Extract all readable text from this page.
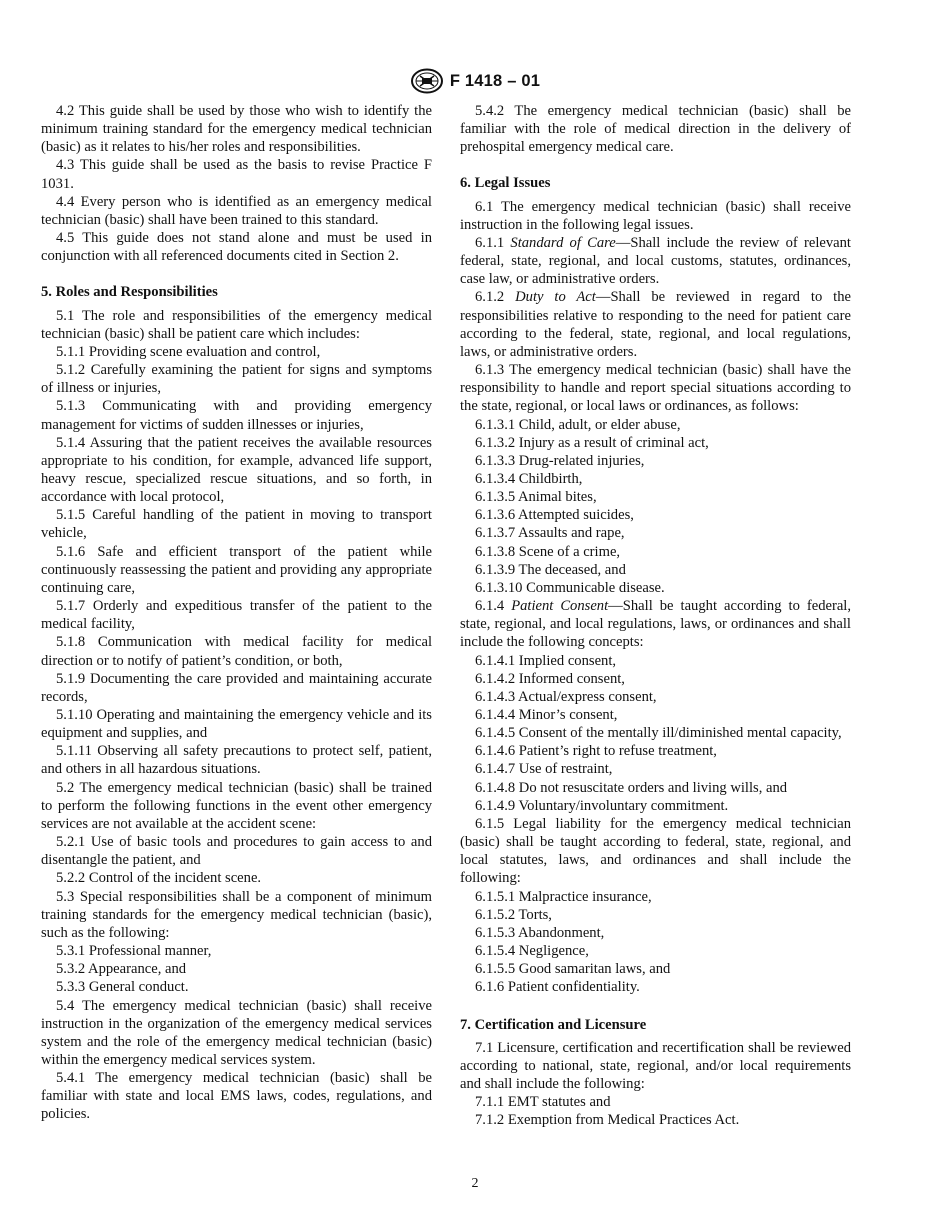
F 1418 – 01

4.2 This guide shall be used by those who wish to identify the minimum training standard for the emergency medical technician (basic) as it relates to his/her roles and responsibilities.

4.3 This guide shall be used as the basis to revise Practice F 1031.

4.4 Every person who is identified as an emergency medical technician (basic) shall have been trained to this standard.

4.5 This guide does not stand alone and must be used in conjunction with all referenced documents cited in Section 2.

5. Roles and Responsibilities

5.1 The role and responsibilities of the emergency medical technician (basic) shall be patient care which includes:

5.1.1 Providing scene evaluation and control,

5.1.2 Carefully examining the patient for signs and symptoms of illness or injuries,

5.1.3 Communicating with and providing emergency management for victims of sudden illnesses or injuries,

5.1.4 Assuring that the patient receives the available resources appropriate to his condition, for example, advanced life support, heavy rescue, specialized rescue situations, and so forth, in accordance with local protocol,

5.1.5 Careful handling of the patient in moving to transport vehicle,

5.1.6 Safe and efficient transport of the patient while continuously reassessing the patient and providing any appropriate continuing care,

5.1.7 Orderly and expeditious transfer of the patient to the medical facility,

5.1.8 Communication with medical facility for medical direction or to notify of patient’s condition, or both,

5.1.9 Documenting the care provided and maintaining accurate records,

5.1.10 Operating and maintaining the emergency vehicle and its equipment and supplies, and

5.1.11 Observing all safety precautions to protect self, patient, and others in all hazardous situations.

5.2 The emergency medical technician (basic) shall be trained to perform the following functions in the event other emergency services are not available at the accident scene:

5.2.1 Use of basic tools and procedures to gain access to and disentangle the patient, and

5.2.2 Control of the incident scene.

5.3 Special responsibilities shall be a component of minimum training standards for the emergency medical technician (basic), such as the following:

5.3.1 Professional manner,

5.3.2 Appearance, and

5.3.3 General conduct.

5.4 The emergency medical technician (basic) shall receive instruction in the organization of the emergency medical services system and the role of the emergency medical technician (basic) within the emergency medical services system.

5.4.1 The emergency medical technician (basic) shall be familiar with state and local EMS laws, codes, regulations, and policies.

5.4.2 The emergency medical technician (basic) shall be familiar with the role of medical direction in the delivery of prehospital emergency medical care.

6. Legal Issues

6.1 The emergency medical technician (basic) shall receive instruction in the following legal issues.

6.1.1 Standard of Care—Shall include the review of relevant federal, state, regional, and local customs, statutes, ordinances, case law, or administrative orders.

6.1.2 Duty to Act—Shall be reviewed in regard to the responsibilities relative to responding to the need for patient care according to the federal, state, regional, and local regulations, laws, or administrative orders.

6.1.3 The emergency medical technician (basic) shall have the responsibility to handle and report special situations according to the state, regional, or local laws or ordinances, as follows:

6.1.3.1 Child, adult, or elder abuse,

6.1.3.2 Injury as a result of criminal act,

6.1.3.3 Drug-related injuries,

6.1.3.4 Childbirth,

6.1.3.5 Animal bites,

6.1.3.6 Attempted suicides,

6.1.3.7 Assaults and rape,

6.1.3.8 Scene of a crime,

6.1.3.9 The deceased, and

6.1.3.10 Communicable disease.

6.1.4 Patient Consent—Shall be taught according to federal, state, regional, and local regulations, laws, or ordinances and shall include the following concepts:

6.1.4.1 Implied consent,

6.1.4.2 Informed consent,

6.1.4.3 Actual/express consent,

6.1.4.4 Minor’s consent,

6.1.4.5 Consent of the mentally ill/diminished mental capacity,

6.1.4.6 Patient’s right to refuse treatment,

6.1.4.7 Use of restraint,

6.1.4.8 Do not resuscitate orders and living wills, and

6.1.4.9 Voluntary/involuntary commitment.

6.1.5 Legal liability for the emergency medical technician (basic) shall be taught according to federal, state, regional, and local statutes, laws, and ordinances and shall include the following:

6.1.5.1 Malpractice insurance,

6.1.5.2 Torts,

6.1.5.3 Abandonment,

6.1.5.4 Negligence,

6.1.5.5 Good samaritan laws, and

6.1.6 Patient confidentiality.

7. Certification and Licensure

7.1 Licensure, certification and recertification shall be reviewed according to national, state, regional, and/or local requirements and shall include the following:

7.1.1 EMT statutes and

7.1.2 Exemption from Medical Practices Act.

2
